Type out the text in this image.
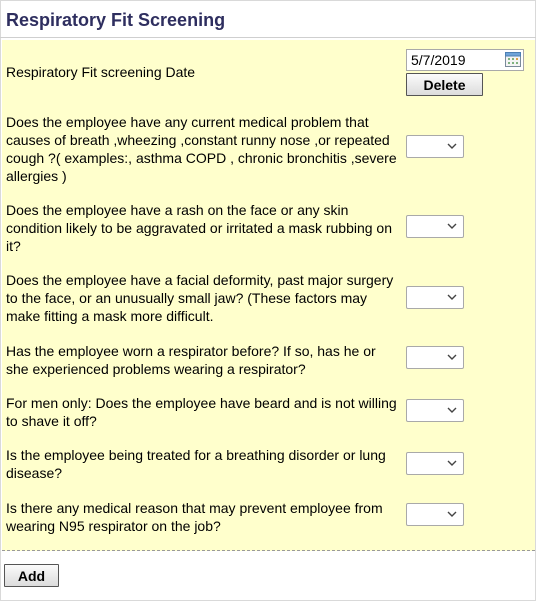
Respiratory Fit Screening
Respiratory Fit screening Date
5/7/2019
Delete
Does the employee have any current medical problem that causes of breath ,wheezing ,constant runny nose ,or repeated cough ?( examples:, asthma COPD , chronic bronchitis ,severe allergies )
Does the employee have a rash on the face or any skin condition likely to be aggravated or irritated a mask rubbing on it?
Does the employee have a facial deformity, past major surgery to the face, or an unusually small jaw? (These factors may make fitting a mask more difficult.
Has the employee worn a respirator before? If so, has he or she experienced problems wearing a respirator?
For men only: Does the employee have beard and is not willing to shave it off?
Is the employee being treated for a breathing disorder or lung disease?
Is there any medical reason that may prevent employee from wearing N95 respirator on the job?
Add
